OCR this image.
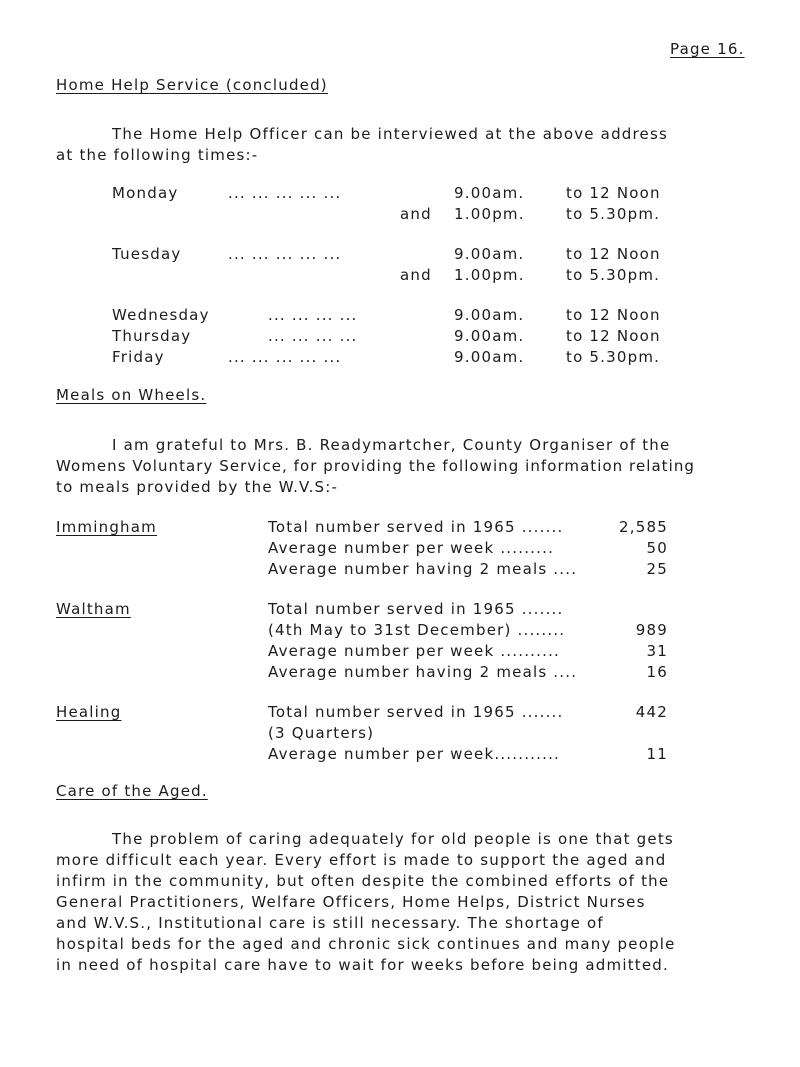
Page 16.
Home Help Service (concluded)
The Home Help Officer can be interviewed at the above address
at the following times:-
Monday	... ... ... ... ...	9.00am.	to 12 Noon
and 1.00pm.	to 5.30pm.
Tuesday	... ... ... ... ...	9.00am.	to 12 Noon
and 1.00pm.	to 5.30pm.
Wednesday	... ... ... ...	9.00am.	to 12 Noon
Thursday	... ... ... ...	9.00am.	to 12 Noon
Friday	... ... ... ... ...	9.00am.	to 5.30pm.
Meals on Wheels.
I am grateful to Mrs. B. Readymartcher, County Organiser of the
Womens Voluntary Service, for providing the following information relating
to meals provided by the W.V.S:-
Immingham	Total number served in 1965 .......	2,585
Average number per week .........	50
Average number having 2 meals ....	25
Waltham	Total number served in 1965 .......
(4th May to 31st December) ........	989
Average number per week ..........	31
Average number having 2 meals ....	16
Healing	Total number served in 1965 .......	442
(3 Quarters)
Average number per week...........	11
Care of the Aged.
The problem of caring adequately for old people is one that gets
more difficult each year. Every effort is made to support the aged and
infirm in the community, but often despite the combined efforts of the
General Practitioners, Welfare Officers, Home Helps, District Nurses
and W.V.S., Institutional care is still necessary. The shortage of
hospital beds for the aged and chronic sick continues and many people
in need of hospital care have to wait for weeks before being admitted.
